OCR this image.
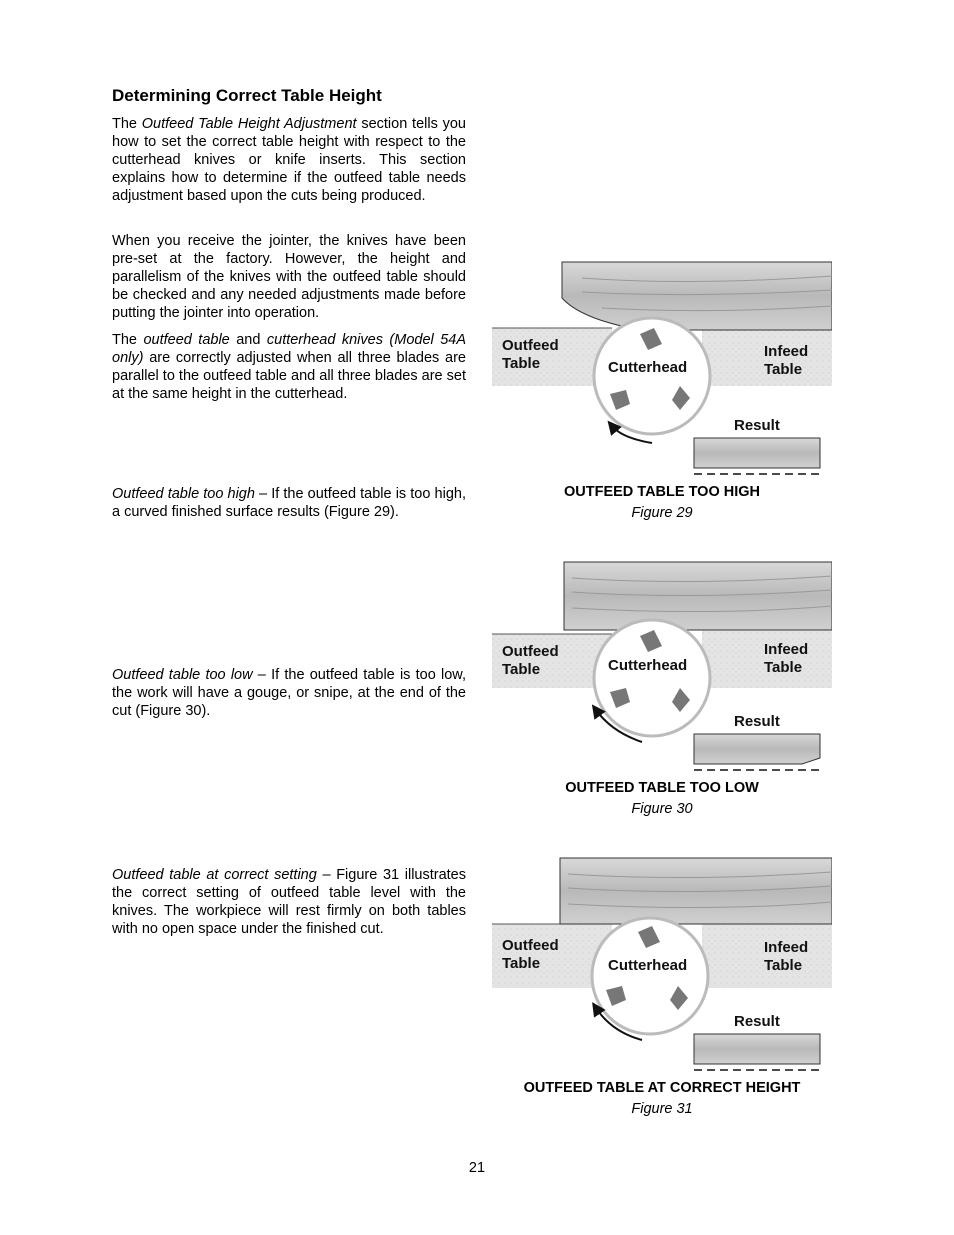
Determining Correct Table Height

The Outfeed Table Height Adjustment section tells you how to set the correct table height with respect to the cutterhead knives or knife inserts. This section explains how to determine if the outfeed table needs adjustment based upon the cuts being produced.

When you receive the jointer, the knives have been pre-set at the factory. However, the height and parallelism of the knives with the outfeed table should be checked and any needed adjustments made before putting the jointer into operation.

The outfeed table and cutterhead knives (Model 54A only) are correctly adjusted when all three blades are parallel to the outfeed table and all three blades are set at the same height in the cutterhead.

Outfeed table too high – If the outfeed table is too high, a curved finished surface results (Figure 29).

Outfeed table too low – If the outfeed table is too low, the work will have a gouge, or snipe, at the end of the cut (Figure 30).

Outfeed table at correct setting – Figure 31 illustrates the correct setting of outfeed table level with the knives. The workpiece will rest firmly on both tables with no open space under the finished cut.

Outfeed
Table	Cutterhead
Infeed
Table
Result
OUTFEED TABLE TOO HIGH
Figure 29
Outfeed
Table	Cutterhead
Infeed
Table
Result
OUTFEED TABLE TOO LOW
Figure 30
Outfeed
Table	Cutterhead
Infeed
Table
Result
OUTFEED TABLE AT CORRECT HEIGHT
Figure 31
21
